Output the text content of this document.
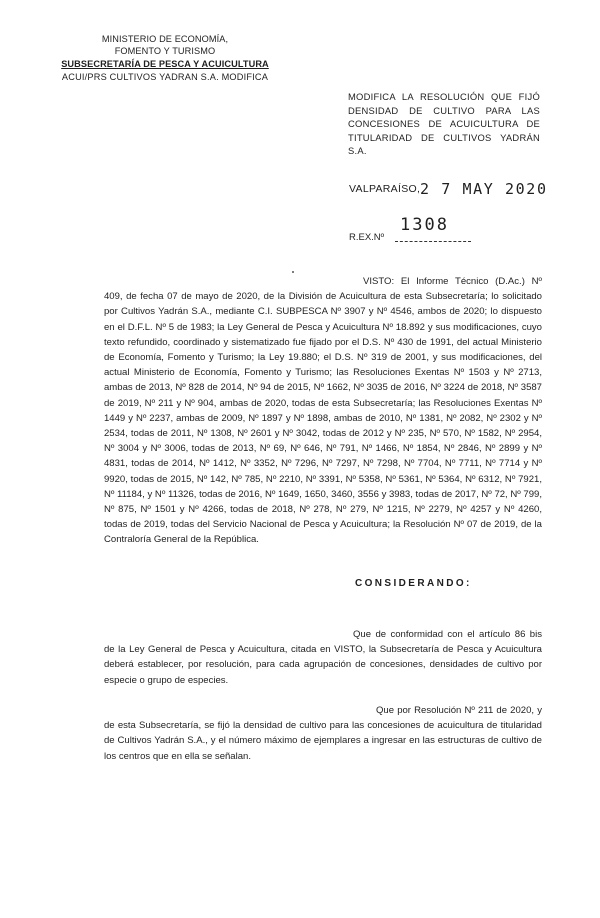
MINISTERIO DE ECONOMÍA,
FOMENTO Y TURISMO
SUBSECRETARÍA DE PESCA Y ACUICULTURA
ACUI/PRS CULTIVOS YADRAN S.A. MODIFICA
MODIFICA LA RESOLUCIÓN QUE FIJÓ DENSIDAD DE CULTIVO PARA LAS CONCESIONES DE ACUICULTURA DE TITULARIDAD DE CULTIVOS YADRÁN S.A.
VALPARAÍSO, 2 7 MAY 2020
1308
R.EX.Nº
VISTO: El Informe Técnico (D.Ac.) Nº 409, de fecha 07 de mayo de 2020, de la División de Acuicultura de esta Subsecretaría; lo solicitado por Cultivos Yadrán S.A., mediante C.I. SUBPESCA Nº 3907 y Nº 4546, ambos de 2020; lo dispuesto en el D.F.L. Nº 5 de 1983; la Ley General de Pesca y Acuicultura Nº 18.892 y sus modificaciones, cuyo texto refundido, coordinado y sistematizado fue fijado por el D.S. Nº 430 de 1991, del actual Ministerio de Economía, Fomento y Turismo; la Ley 19.880; el D.S. Nº 319 de 2001, y sus modificaciones, del actual Ministerio de Economía, Fomento y Turismo; las Resoluciones Exentas Nº 1503 y Nº 2713, ambas de 2013, Nº 828 de 2014, Nº 94 de 2015, Nº 1662, Nº 3035 de 2016, Nº 3224 de 2018, Nº 3587 de 2019, Nº 211 y Nº 904, ambas de 2020, todas de esta Subsecretaría; las Resoluciones Exentas Nº 1449 y Nº 2237, ambas de 2009, Nº 1897 y Nº 1898, ambas de 2010, Nº 1381, Nº 2082, Nº 2302 y Nº 2534, todas de 2011, Nº 1308, Nº 2601 y Nº 3042, todas de 2012 y Nº 235, Nº 570, Nº 1582, Nº 2954, Nº 3004 y Nº 3006, todas de 2013, Nº 69, Nº 646, Nº 791, Nº 1466, Nº 1854, Nº 2846, Nº 2899 y Nº 4831, todas de 2014, Nº 1412, Nº 3352, Nº 7296, Nº 7297, Nº 7298, Nº 7704, Nº 7711, Nº 7714 y Nº 9920, todas de 2015, Nº 142, Nº 785, Nº 2210, Nº 3391, Nº 5358, Nº 5361, Nº 5364, Nº 6312, Nº 7921, Nº 11184, y Nº 11326, todas de 2016, Nº 1649, 1650, 3460, 3556 y 3983, todas de 2017, Nº 72, Nº 799, Nº 875, Nº 1501 y Nº 4266, todas de 2018, Nº 278, Nº 279, Nº 1215, Nº 2279, Nº 4257 y Nº 4260, todas de 2019, todas del Servicio Nacional de Pesca y Acuicultura; la Resolución Nº 07 de 2019, de la Contraloría General de la República.
CONSIDERANDO:
Que de conformidad con el artículo 86 bis de la Ley General de Pesca y Acuicultura, citada en VISTO, la Subsecretaría de Pesca y Acuicultura deberá establecer, por resolución, para cada agrupación de concesiones, densidades de cultivo por especie o grupo de especies.
Que por Resolución Nº 211 de 2020, y de esta Subsecretaría, se fijó la densidad de cultivo para las concesiones de acuicultura de titularidad de Cultivos Yadrán S.A., y el número máximo de ejemplares a ingresar en las estructuras de cultivo de los centros que en ella se señalan.
